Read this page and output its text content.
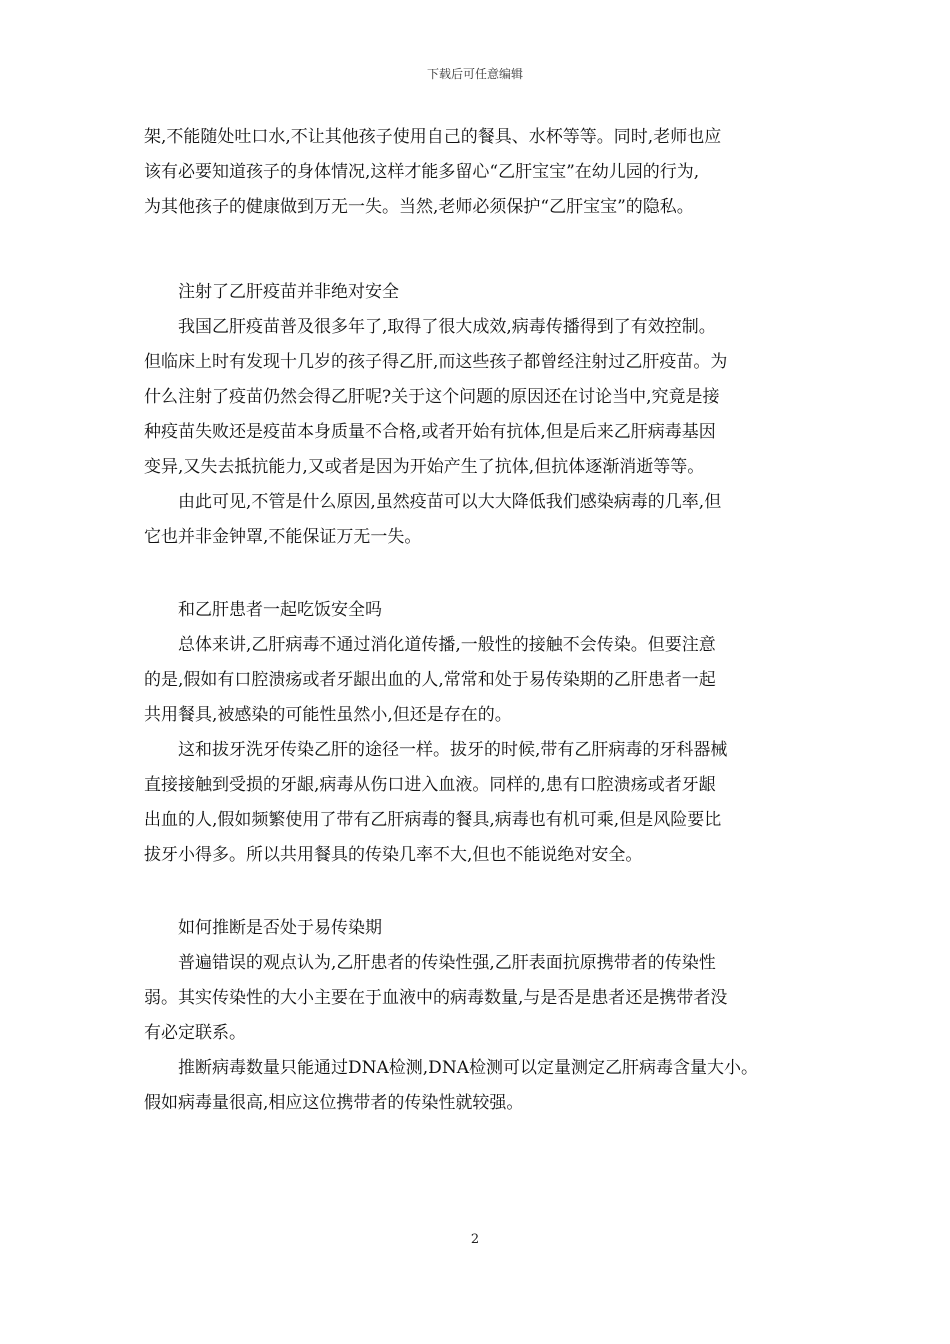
下载后可任意编辑

架,不能随处吐口水,不让其他孩子使用自己的餐具、水杯等等。同时,老师也应

该有必要知道孩子的身体情况,这样才能多留心“乙肝宝宝”在幼儿园的行为,

为其他孩子的健康做到万无一失。当然,老师必须保护“乙肝宝宝”的隐私。

注射了乙肝疫苗并非绝对安全

我国乙肝疫苗普及很多年了,取得了很大成效,病毒传播得到了有效控制。

但临床上时有发现十几岁的孩子得乙肝,而这些孩子都曾经注射过乙肝疫苗。为

什么注射了疫苗仍然会得乙肝呢?关于这个问题的原因还在讨论当中,究竟是接

种疫苗失败还是疫苗本身质量不合格,或者开始有抗体,但是后来乙肝病毒基因

变异,又失去抵抗能力,又或者是因为开始产生了抗体,但抗体逐渐消逝等等。

由此可见,不管是什么原因,虽然疫苗可以大大降低我们感染病毒的几率,但

它也并非金钟罩,不能保证万无一失。

和乙肝患者一起吃饭安全吗

总体来讲,乙肝病毒不通过消化道传播,一般性的接触不会传染。但要注意

的是,假如有口腔溃疡或者牙龈出血的人,常常和处于易传染期的乙肝患者一起

共用餐具,被感染的可能性虽然小,但还是存在的。

这和拔牙洗牙传染乙肝的途径一样。拔牙的时候,带有乙肝病毒的牙科器械

直接接触到受损的牙龈,病毒从伤口进入血液。同样的,患有口腔溃疡或者牙龈

出血的人,假如频繁使用了带有乙肝病毒的餐具,病毒也有机可乘,但是风险要比

拔牙小得多。所以共用餐具的传染几率不大,但也不能说绝对安全。

如何推断是否处于易传染期

普遍错误的观点认为,乙肝患者的传染性强,乙肝表面抗原携带者的传染性

弱。其实传染性的大小主要在于血液中的病毒数量,与是否是患者还是携带者没

有必定联系。

推断病毒数量只能通过DNA检测,DNA检测可以定量测定乙肝病毒含量大小。

假如病毒量很高,相应这位携带者的传染性就较强。

2
